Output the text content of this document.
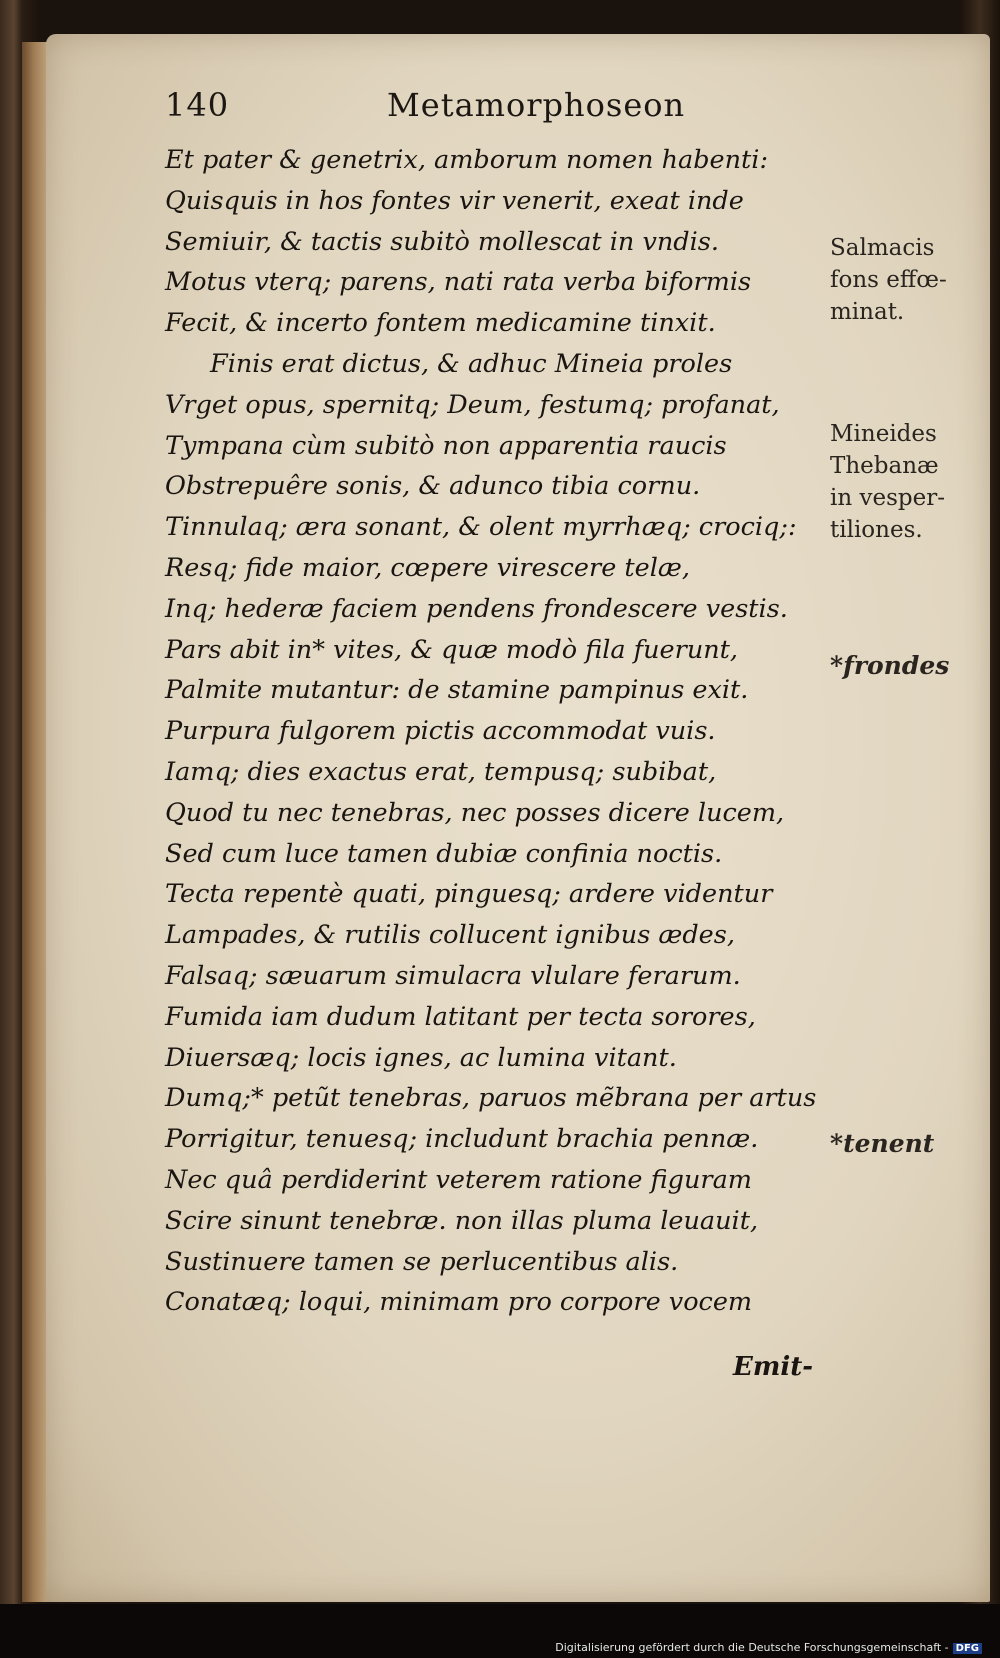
140	Metamorphoseon
Et pater & genetrix, amborum nomen habenti:
Quisquis in hos fontes vir venerit, exeat inde
Semiuir, & tactis subitò mollescat in vndis.
Motus vterq; parens, nati rata verba biformis
Fecit, & incerto fontem medicamine tinxit.
Finis erat dictus, & adhuc Mineia proles
Vrget opus, spernitq; Deum, festumq; profanat,
Tympana cùm subitò non apparentia raucis
Obstrepuêre sonis, & adunco tibia cornu.
Tinnulaq; æra sonant, & olent myrrhæq; crociq;:
Resq; fide maior, cœpere virescere telæ,
Inq; hederæ faciem pendens frondescere vestis.
Pars abit in* vites, & quæ modò fila fuerunt,
Palmite mutantur: de stamine pampinus exit.
Purpura fulgorem pictis accommodat vuis.
Iamq; dies exactus erat, tempusq; subibat,
Quod tu nec tenebras, nec posses dicere lucem,
Sed cum luce tamen dubiæ confinia noctis.
Tecta repentè quati, pinguesq; ardere videntur
Lampades, & rutilis collucent ignibus ædes,
Falsaq; sæuarum simulacra vlulare ferarum.
Fumida iam dudum latitant per tecta sorores,
Diuersæq; locis ignes, ac lumina vitant.
Dumq;* petũt tenebras, paruos mẽbrana per artus
Porrigitur, tenuesq; includunt brachia pennæ.
Nec quâ perdiderint veterem ratione figuram
Scire sinunt tenebræ. non illas pluma leuauit,
Sustinuere tamen se perlucentibus alis.
Conatæq; loqui, minimam pro corpore vocem
Emit-
Salmacis
fons effœ-
minat.
Mineides
Thebanæ
in vesper-
tiliones.
*frondes
*tenent
Digitalisierung gefördert durch die Deutsche Forschungsgemeinschaft - DFG
